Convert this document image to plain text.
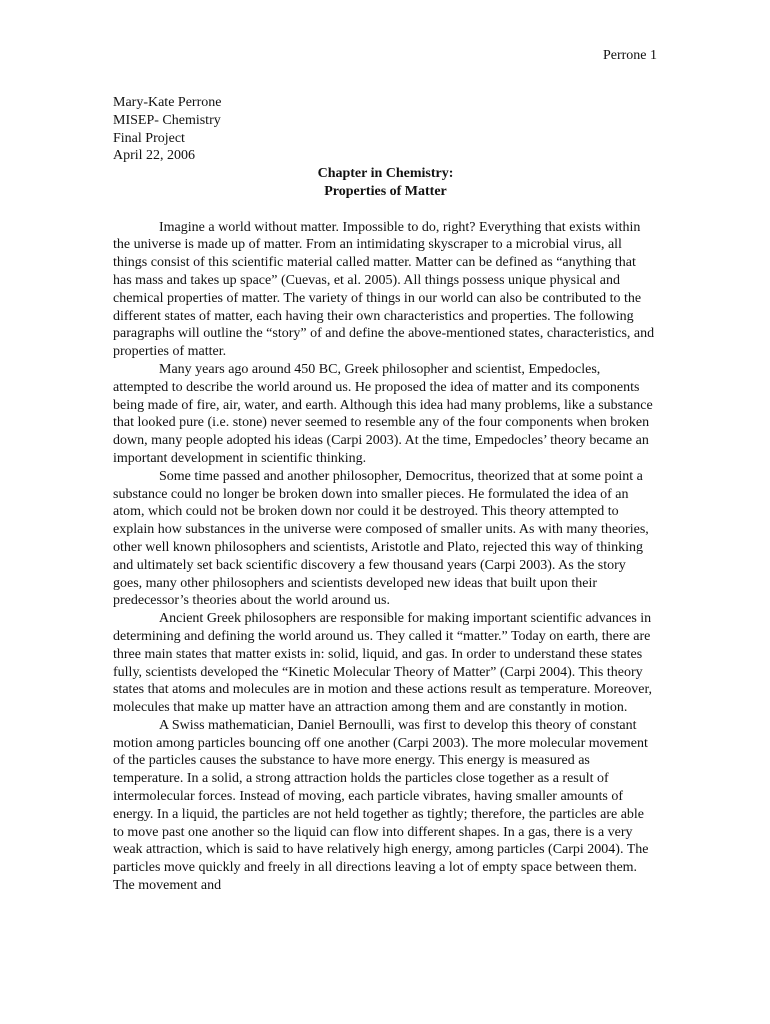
Perrone 1
Mary-Kate Perrone
MISEP- Chemistry
Final Project
April 22, 2006
Chapter in Chemistry:
Properties of Matter

Imagine a world without matter. Impossible to do, right? Everything that exists within the universe is made up of matter. From an intimidating skyscraper to a microbial virus, all things consist of this scientific material called matter. Matter can be defined as “anything that has mass and takes up space” (Cuevas, et al. 2005). All things possess unique physical and chemical properties of matter. The variety of things in our world can also be contributed to the different states of matter, each having their own characteristics and properties. The following paragraphs will outline the “story” of and define the above-mentioned states, characteristics, and properties of matter.

Many years ago around 450 BC, Greek philosopher and scientist, Empedocles, attempted to describe the world around us. He proposed the idea of matter and its components being made of fire, air, water, and earth. Although this idea had many problems, like a substance that looked pure (i.e. stone) never seemed to resemble any of the four components when broken down, many people adopted his ideas (Carpi 2003). At the time, Empedocles’ theory became an important development in scientific thinking.

Some time passed and another philosopher, Democritus, theorized that at some point a substance could no longer be broken down into smaller pieces. He formulated the idea of an atom, which could not be broken down nor could it be destroyed. This theory attempted to explain how substances in the universe were composed of smaller units. As with many theories, other well known philosophers and scientists, Aristotle and Plato, rejected this way of thinking and ultimately set back scientific discovery a few thousand years (Carpi 2003). As the story goes, many other philosophers and scientists developed new ideas that built upon their predecessor’s theories about the world around us.

Ancient Greek philosophers are responsible for making important scientific advances in determining and defining the world around us. They called it “matter.” Today on earth, there are three main states that matter exists in: solid, liquid, and gas. In order to understand these states fully, scientists developed the “Kinetic Molecular Theory of Matter” (Carpi 2004). This theory states that atoms and molecules are in motion and these actions result as temperature. Moreover, molecules that make up matter have an attraction among them and are constantly in motion.

A Swiss mathematician, Daniel Bernoulli, was first to develop this theory of constant motion among particles bouncing off one another (Carpi 2003). The more molecular movement of the particles causes the substance to have more energy. This energy is measured as temperature. In a solid, a strong attraction holds the particles close together as a result of intermolecular forces. Instead of moving, each particle vibrates, having smaller amounts of energy. In a liquid, the particles are not held together as tightly; therefore, the particles are able to move past one another so the liquid can flow into different shapes. In a gas, there is a very weak attraction, which is said to have relatively high energy, among particles (Carpi 2004). The particles move quickly and freely in all directions leaving a lot of empty space between them. The movement and
